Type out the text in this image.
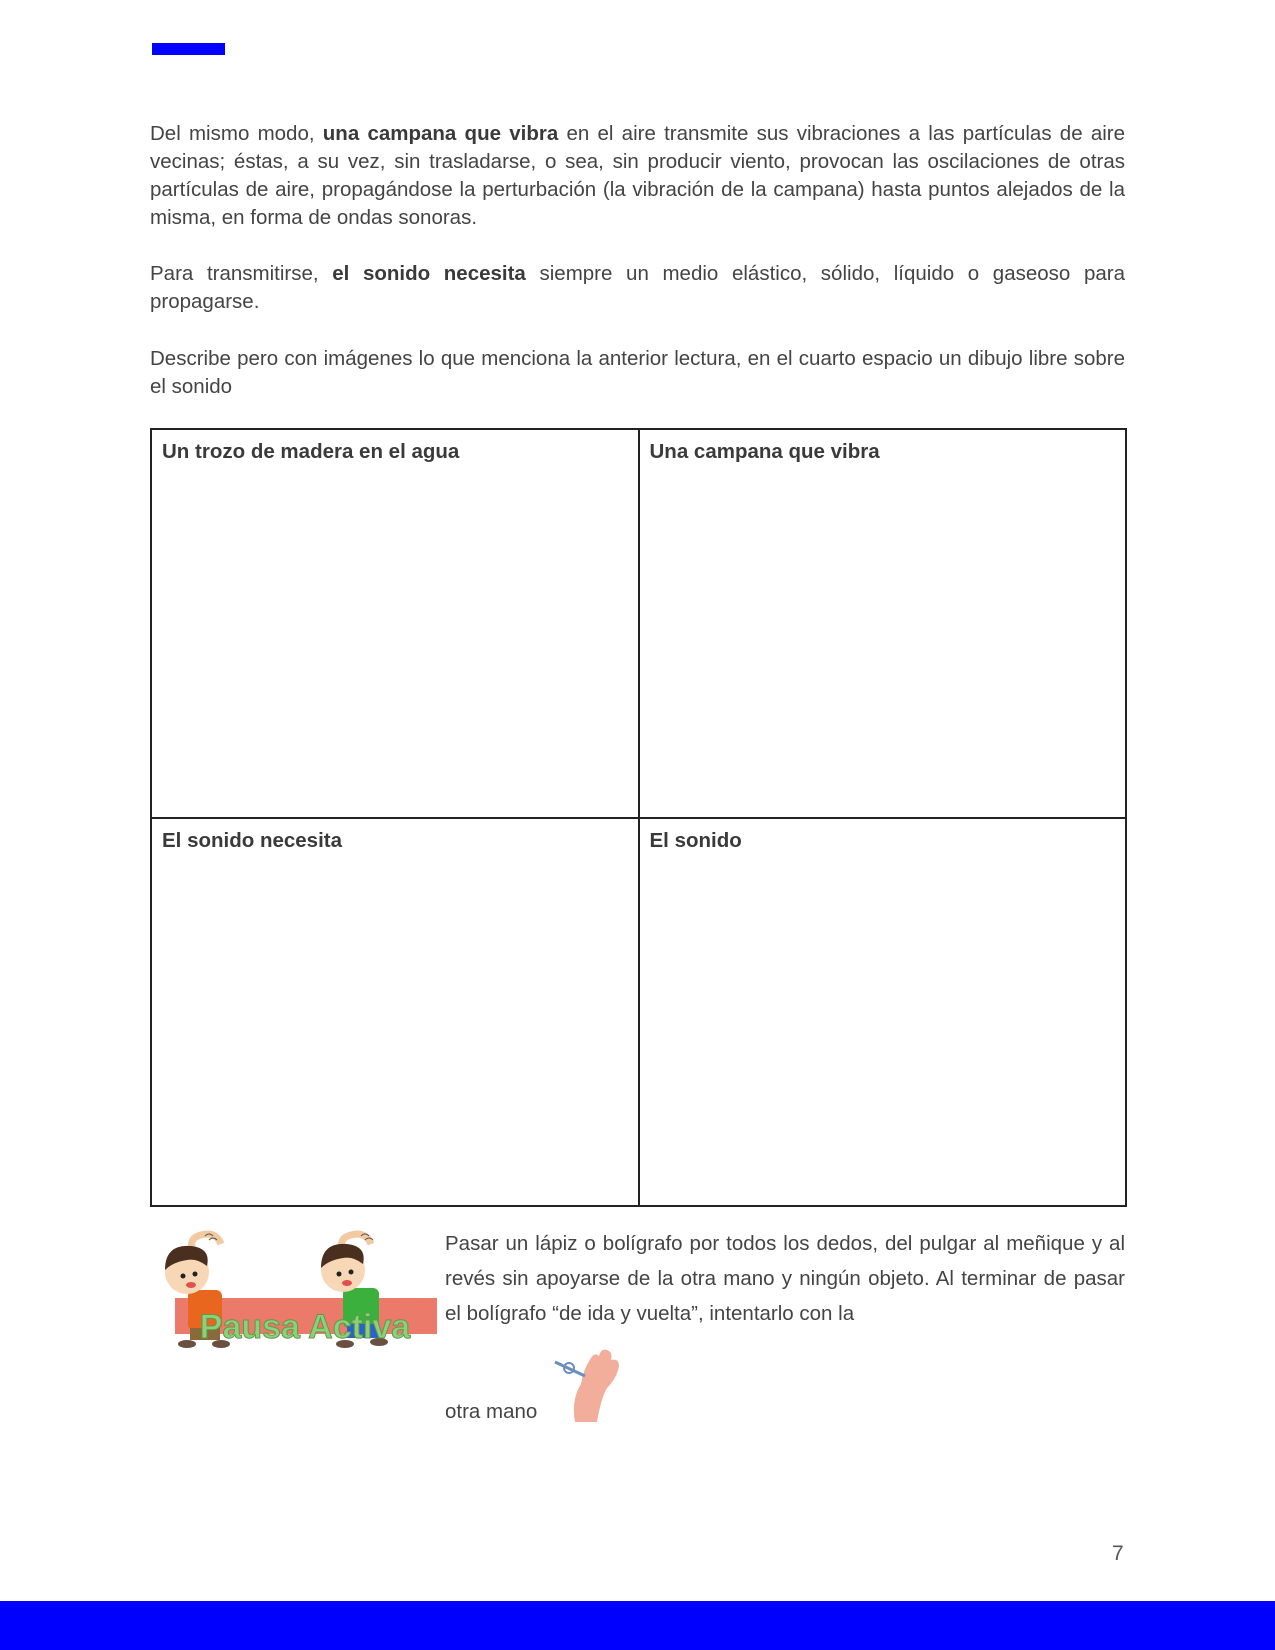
Del mismo modo, una campana que vibra en el aire transmite sus vibraciones a las partículas de aire vecinas; éstas, a su vez, sin trasladarse, o sea, sin producir viento, provocan las oscilaciones de otras partículas de aire, propagándose la perturbación (la vibración de la campana) hasta puntos alejados de la misma, en forma de ondas sonoras.

Para transmitirse, el sonido necesita siempre un medio elástico, sólido, líquido o gaseoso para propagarse.

Describe pero con imágenes lo que menciona la anterior lectura, en el cuarto espacio un dibujo libre sobre el sonido

Un trozo de madera en el agua	Una campana que vibra
El sonido necesita	El sonido
Pausa Activa

Pasar un lápiz o bolígrafo por todos los dedos, del pulgar al meñique y al revés sin apoyarse de la otra mano y ningún objeto. Al terminar de pasar el bolígrafo “de ida y vuelta”, intentarlo con la

otra mano
7
